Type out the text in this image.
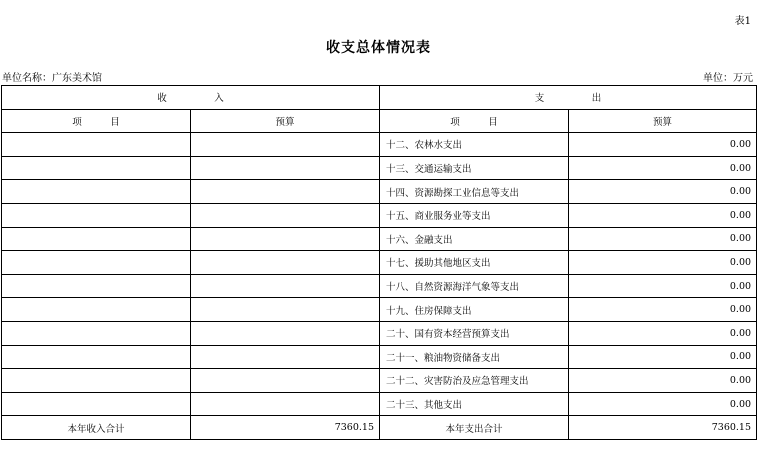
表1
收支总体情况表
单位名称：广东美术馆	单位：万元
收　　　　　入		支　　　　　出	
项　　　目	预算	项　　　目	预算
		十二、农林水支出	0.00
		十三、交通运输支出	0.00
		十四、资源勘探工业信息等支出	0.00
		十五、商业服务业等支出	0.00
		十六、金融支出	0.00
		十七、援助其他地区支出	0.00
		十八、自然资源海洋气象等支出	0.00
		十九、住房保障支出	0.00
		二十、国有资本经营预算支出	0.00
		二十一、粮油物资储备支出	0.00
		二十二、灾害防治及应急管理支出	0.00
		二十三、其他支出	0.00
本年收入合计	7360.15	本年支出合计	7360.15
